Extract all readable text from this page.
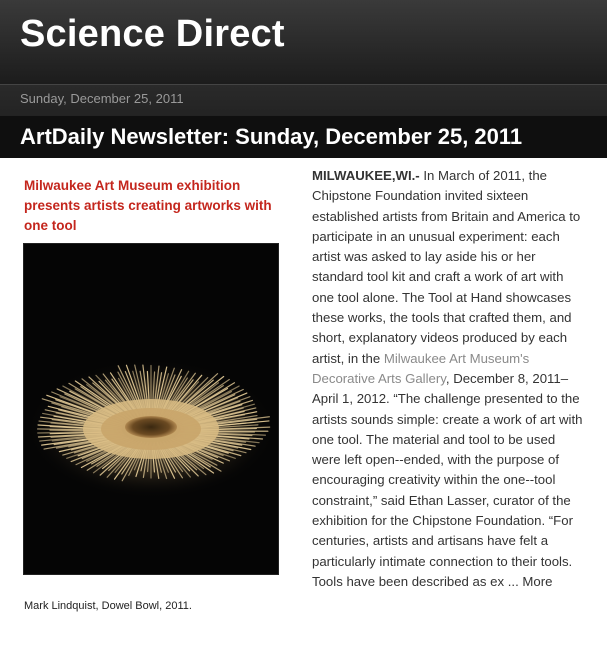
Science Direct
Sunday, December 25, 2011
ArtDaily Newsletter: Sunday, December 25, 2011
Milwaukee Art Museum exhibition presents artists creating artworks with one tool
Mark Lindquist, Dowel Bowl, 2011.
MILWAUKEE,WI.- In March of 2011, the Chipstone Foundation invited sixteen established artists from Britain and America to participate in an unusual experiment: each artist was asked to lay aside his or her standard tool kit and craft a work of art with one tool alone. The Tool at Hand showcases these works, the tools that crafted them, and short, explanatory videos produced by each artist, in the Milwaukee Art Museum's Decorative Arts Gallery, December 8, 2011–April 1, 2012. “The challenge presented to the artists sounds simple: create a work of art with one tool. The material and tool to be used were left open--ended, with the purpose of encouraging creativity within the one--tool constraint,” said Ethan Lasser, curator of the exhibition for the Chipstone Foundation. “For centuries, artists and artisans have felt a particularly intimate connection to their tools. Tools have been described as ex ... More
